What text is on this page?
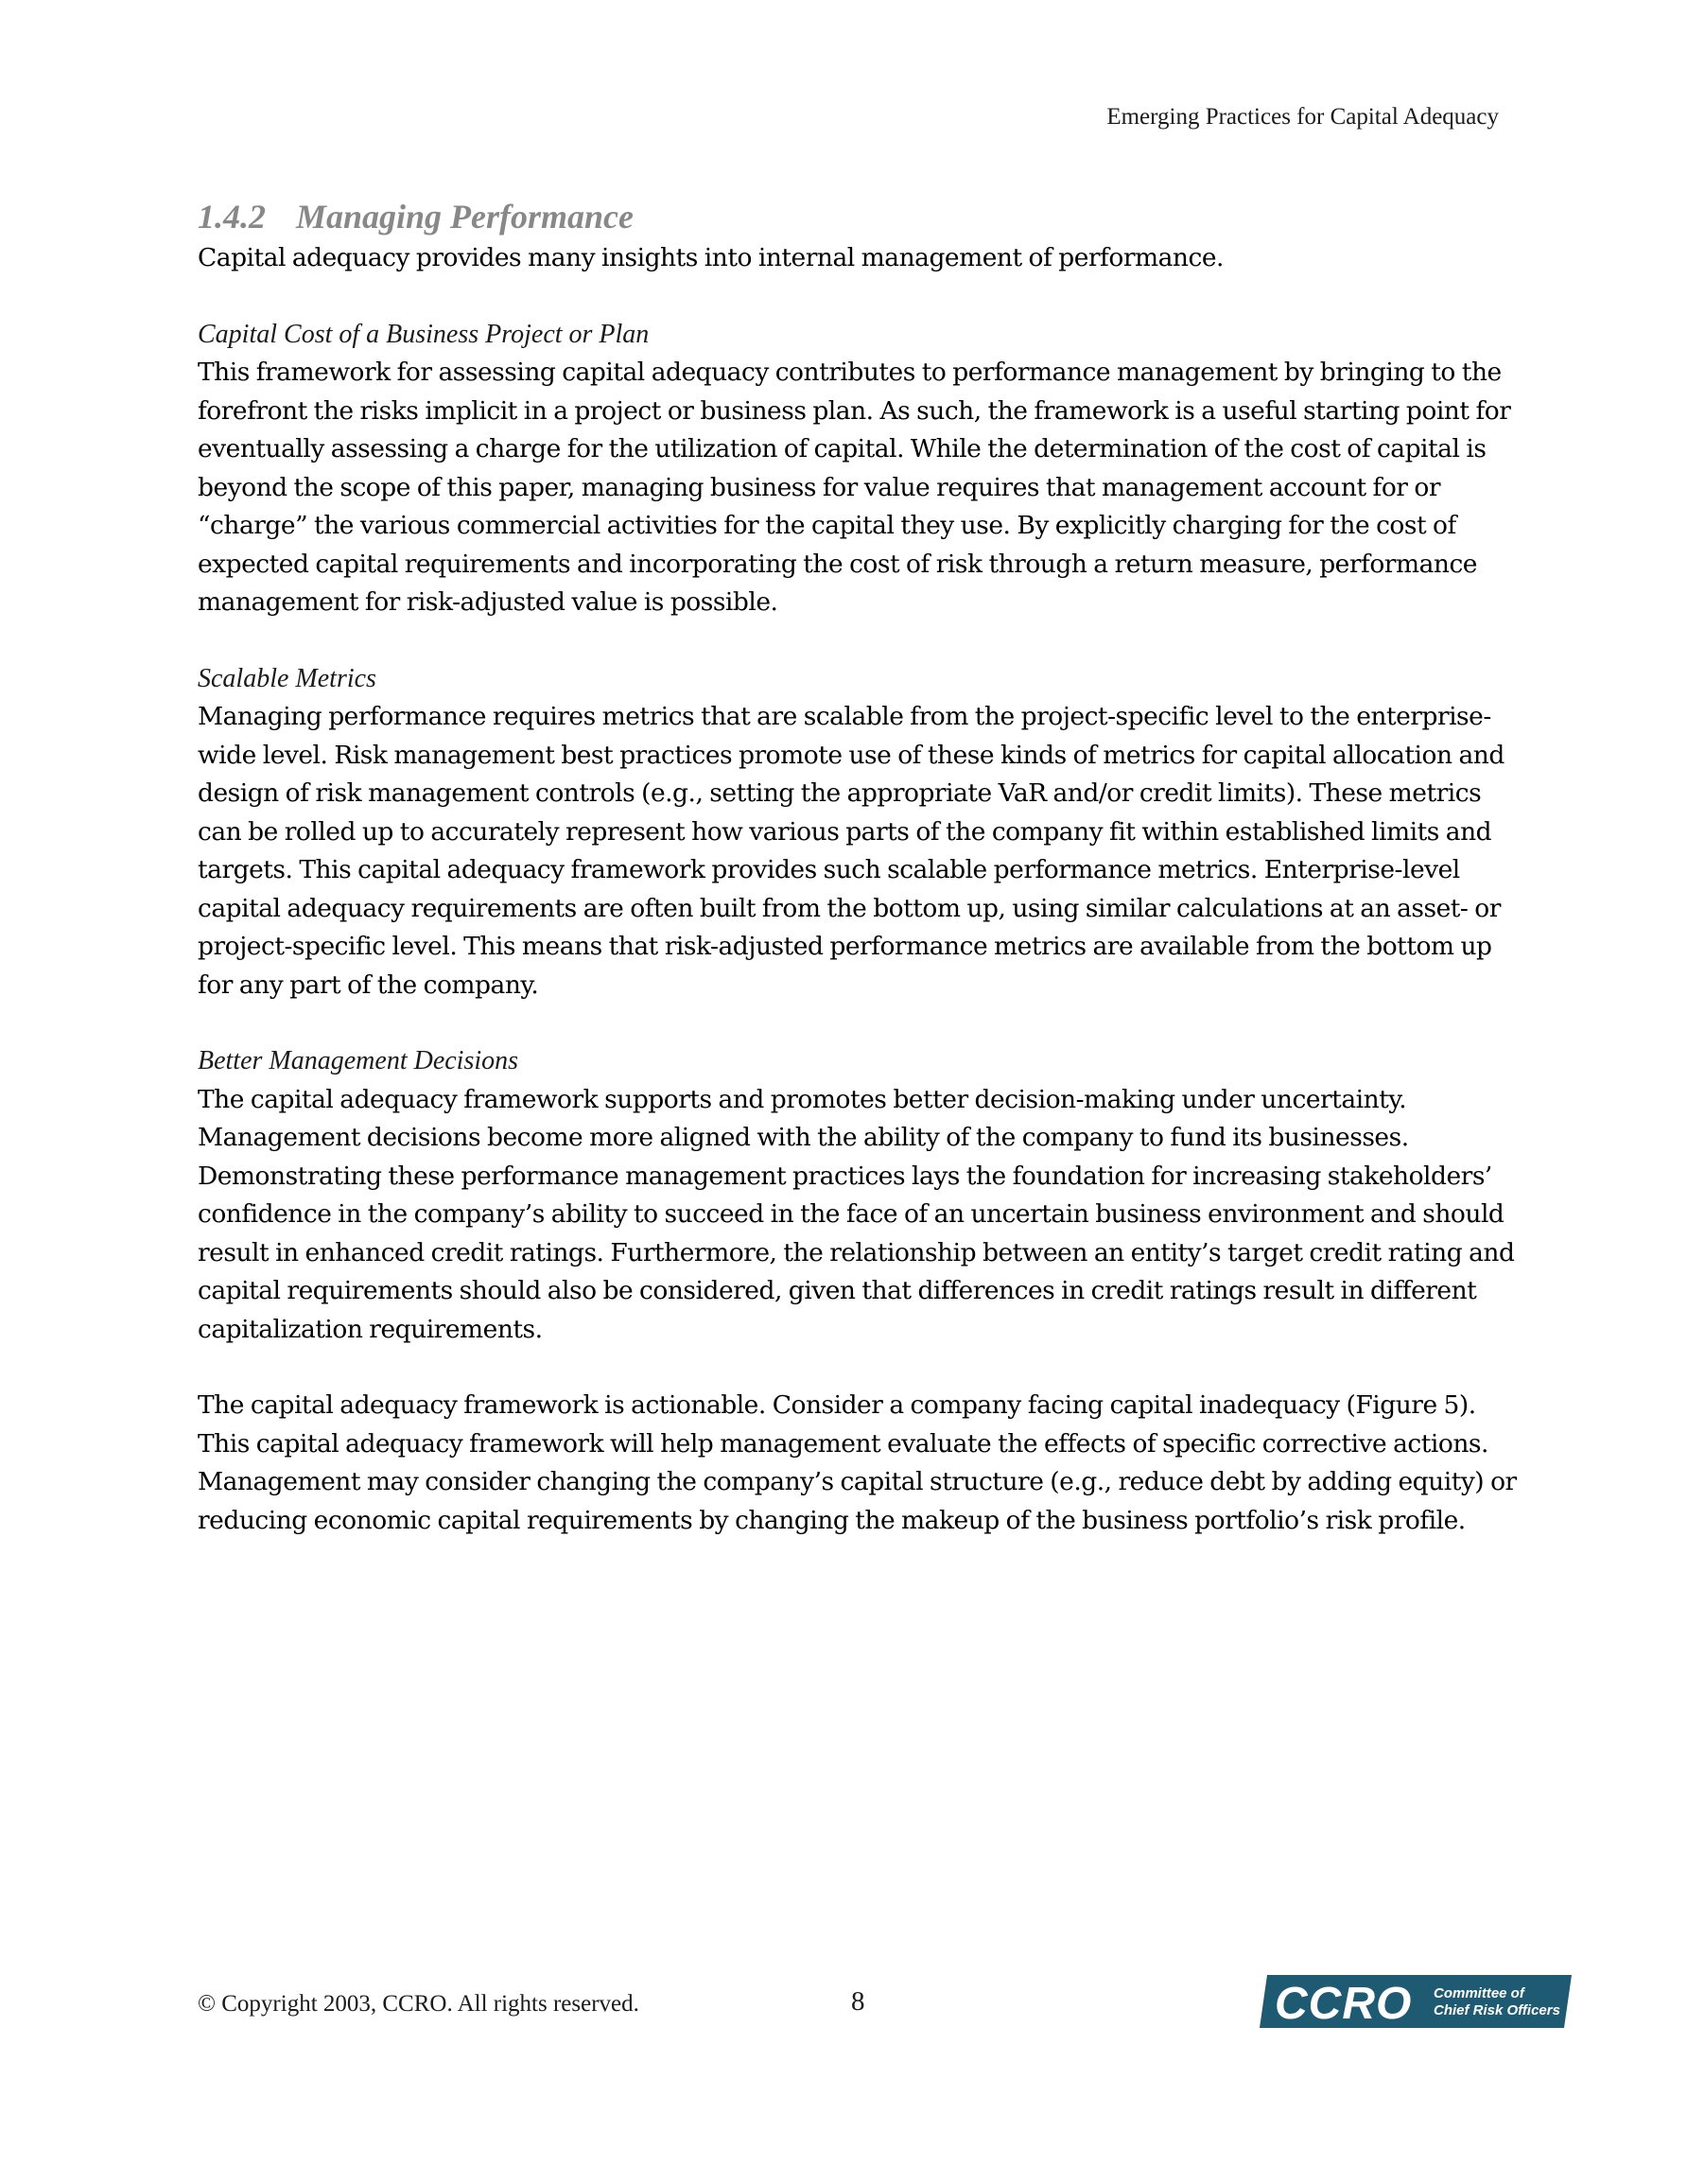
Emerging Practices for Capital Adequacy
1.4.2 Managing Performance

Capital adequacy provides many insights into internal management of performance.

Capital Cost of a Business Project or Plan

This framework for assessing capital adequacy contributes to performance management by bringing to the forefront the risks implicit in a project or business plan. As such, the framework is a useful starting point for eventually assessing a charge for the utilization of capital. While the determination of the cost of capital is beyond the scope of this paper, managing business for value requires that management account for or “charge” the various commercial activities for the capital they use. By explicitly charging for the cost of expected capital requirements and incorporating the cost of risk through a return measure, performance management for risk-adjusted value is possible.

Scalable Metrics

Managing performance requires metrics that are scalable from the project-specific level to the enterprise-wide level. Risk management best practices promote use of these kinds of metrics for capital allocation and design of risk management controls (e.g., setting the appropriate VaR and/or credit limits). These metrics can be rolled up to accurately represent how various parts of the company fit within established limits and targets. This capital adequacy framework provides such scalable performance metrics. Enterprise-level capital adequacy requirements are often built from the bottom up, using similar calculations at an asset- or project-specific level. This means that risk-adjusted performance metrics are available from the bottom up for any part of the company.

Better Management Decisions

The capital adequacy framework supports and promotes better decision-making under uncertainty. Management decisions become more aligned with the ability of the company to fund its businesses. Demonstrating these performance management practices lays the foundation for increasing stakeholders’ confidence in the company’s ability to succeed in the face of an uncertain business environment and should result in enhanced credit ratings. Furthermore, the relationship between an entity’s target credit rating and capital requirements should also be considered, given that differences in credit ratings result in different capitalization requirements.

The capital adequacy framework is actionable. Consider a company facing capital inadequacy (Figure 5). This capital adequacy framework will help management evaluate the effects of specific corrective actions. Management may consider changing the company’s capital structure (e.g., reduce debt by adding equity) or reducing economic capital requirements by changing the makeup of the business portfolio’s risk profile.

© Copyright 2003, CCRO. All rights reserved.	8	CCRO Committee of
Chief Risk Officers
